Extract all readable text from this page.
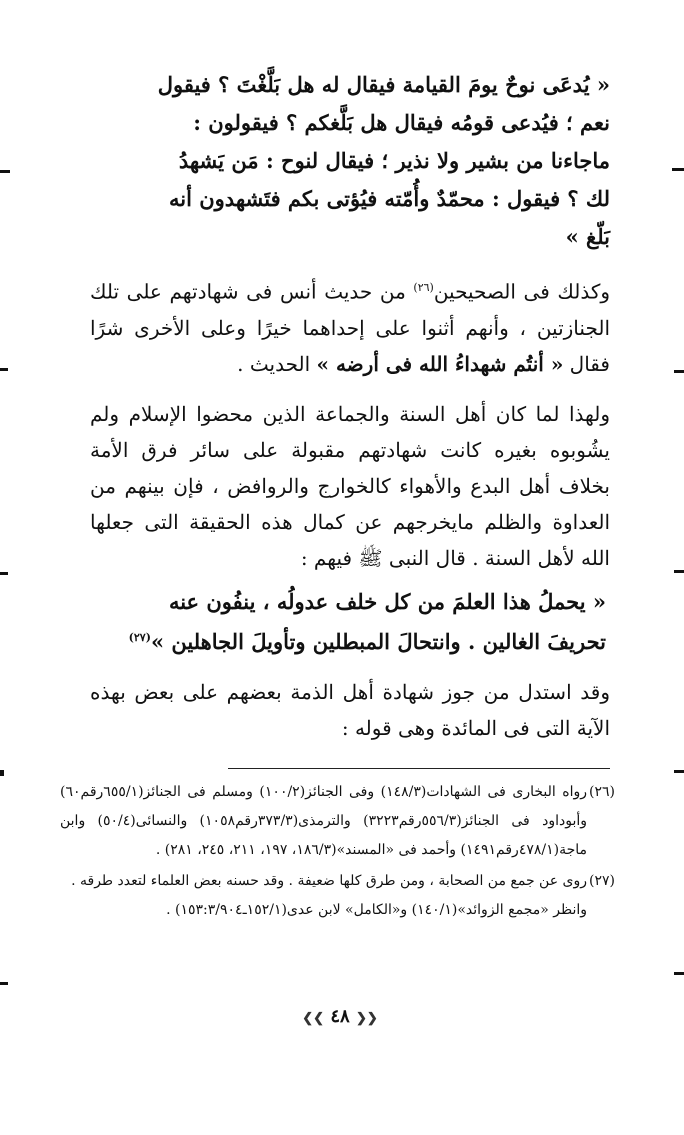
« يُدعَى نوحٌ يومَ القيامة فيقال له هل بَلَّغْتَ ؟ فيقول
نعم ؛ فيُدعى قومُه فيقال هل بَلَّغكم ؟ فيقولون :
ماجاءنا من بشير ولا نذير ؛ فيقال لنوح : مَن يَشهدُ
لك ؟ فيقول : محمّدٌ وأُمّته فيُؤتى بكم فتَشهدون أنه
بَلّغ »

وكذلك فى الصحيحين$^{(٢٦)}$ من حديث أنس فى شهادتهم على تلك الجنازتين ، وأنهم أثنوا على إحداهما خيرًا وعلى الأخرى شرًا فقال « أنتُم شهداءُ الله فى أرضه » الحديث .

ولهذا لما كان أهل السنة والجماعة الذين محضوا الإسلام ولم يشُوبوه بغيره كانت شهادتهم مقبولة على سائر فرق الأمة بخلاف أهل البدع والأهواء كالخوارج والروافض ، فإن بينهم من العداوة والظلم مايخرجهم عن كمال هذه الحقيقة التى جعلها الله لأهل السنة . قال النبى ﷺ فيهم :

« يحملُ هذا العلمَ من كل خلف عدولُه ، ينفُون عنه
تحريفَ الغالين . وانتحالَ المبطلين وتأويلَ الجاهلين »$^{(٢٧)}$

وقد استدل من جوز شهادة أهل الذمة بعضهم على بعض بهذه الآية التى فى المائدة وهى قوله :

(٢٦)
رواه البخارى فى الشهادات(١٤٨/٣) وفى الجنائز(١٠٠/٢) ومسلم فى الجنائز(٦٥٥/١رقم٦٠) وأبوداود فى الجنائز(٥٥٦/٣رقم٣٢٢٣) والترمذى(٣٧٣/٣رقم١٠٥٨) والنسائى(٥٠/٤) وابن ماجة(٤٧٨/١رقم١٤٩١) وأحمد فى «المسند»(١٨٦/٣، ١٩٧، ٢١١، ٢٤٥، ٢٨١) .
(٢٧)
روى عن جمع من الصحابة ، ومن طرق كلها ضعيفة . وقد حسنه بعض العلماء لتعدد طرقه .
وانظر «مجمع الزوائد»(١٤٠/١) و«الكامل» لابن عدى(١٥٢/١ـ١٥٣:٣/٩٠٤) .
❮❮ ٤٨ ❯❯
